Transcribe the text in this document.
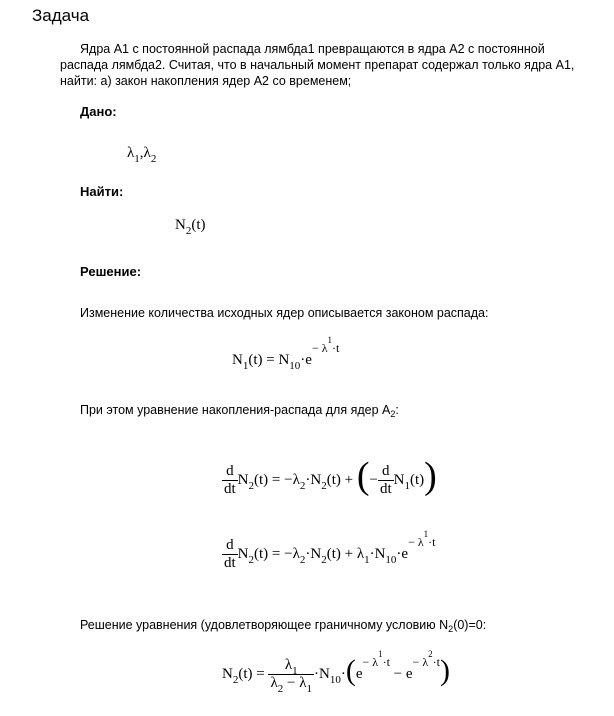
Задача
Ядра А1 с постоянной распада лямбда1 превращаются в ядра А2 с постоянной
распада лямбда2. Считая, что в начальный момент препарат содержал только ядра А1,
найти: а) закон накопления ядер А2 со временем;
Дано:
$\lambda_1,\lambda_2$
Найти:
$N_2(t)$
Решение:
Изменение количества исходных ядер описывается законом распада:
$N_1(t) = N_{10}\cdot e^{- \lambda^1\cdot t}$
При этом уравнение накопления-распада для ядер $А_2$:
$\frac{d}{dt} N_2(t) = -\lambda_2\cdot N_2(t)$ + (− $\frac{d}{dt} N_1(t)$)
$\frac{d}{dt} N_2(t) = -\lambda_2\cdot N_2(t) + \lambda_1\cdot N_{10}\cdot e^{- \lambda^1\cdot t}$
Решение уравнения (удовлетворяющее граничному условию $N_2(0)=0$:
$N_2(t) = \frac{\lambda_1}{\lambda_2 - \lambda_1} \cdot N_{10}\cdot(e^{- \lambda^1\cdot t} - e^{- \lambda^2\cdot t})$
